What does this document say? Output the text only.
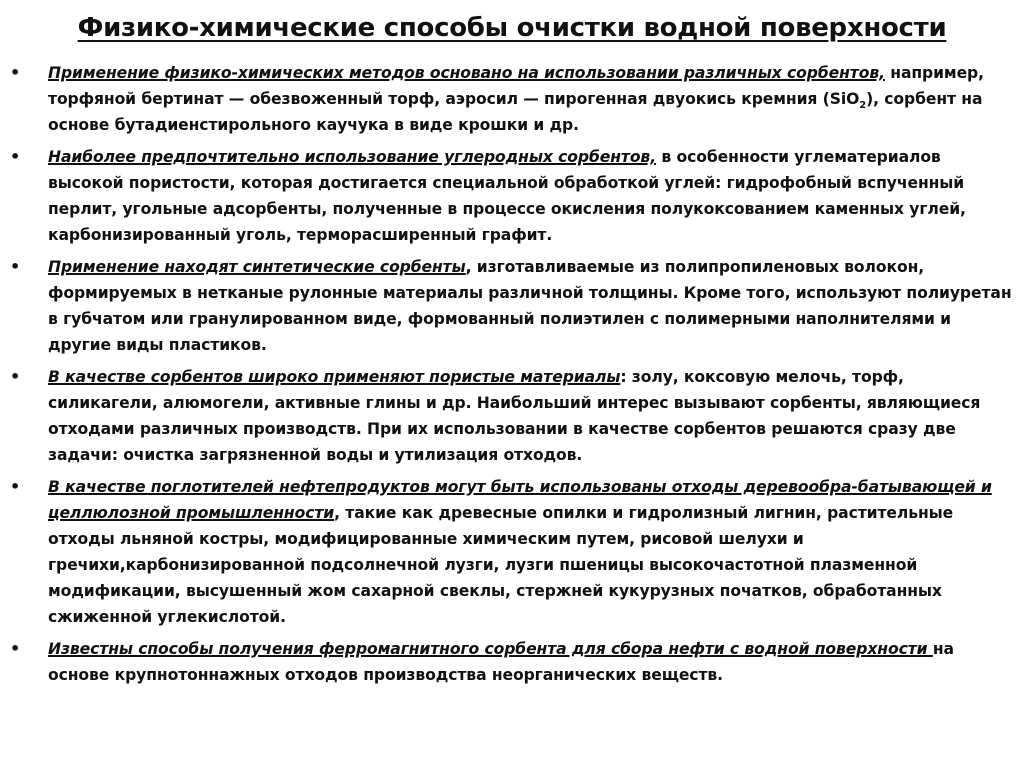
Физико-химические способы очистки водной поверхности
• Применение физико-химических методов основано на использовании различных сорбентов, например, торфяной бертинат — обезвоженный торф, аэросил — пирогенная двуокись кремния (SiO$_2$), сорбент на основе бутадиенстирольного каучука в виде крошки и др.
• Наиболее предпочтительно использование углеродных сорбентов, в особенности углематериалов высокой пористости, которая достигается специальной обработкой углей: гидрофобный вспученный перлит, угольные адсорбенты, полученные в процессе окисления полукоксованием каменных углей, карбонизированный уголь, терморасширенный графит.
• Применение находят синтетические сорбенты, изготавливаемые из полипропиленовых волокон, формируемых в нетканые рулонные материалы различной толщины. Кроме того, используют полиуретан в губчатом или гранулированном виде, формованный полиэтилен с полимерными наполнителями и другие виды пластиков.
• В качестве сорбентов широко применяют пористые материалы: золу, коксовую мелочь, торф, силикагели, алюмогели, активные глины и др. Наибольший интерес вызывают сорбенты, являющиеся отходами различных производств. При их использовании в качестве сорбентов решаются сразу две задачи: очистка загрязненной воды и утилизация отходов.
• В качестве поглотителей нефтепродуктов могут быть использованы отходы деревообра-батывающей и целлюлозной промышленности, такие как древесные опилки и гидролизный лигнин, растительные отходы льняной костры, модифицированные химическим путем, рисовой шелухи и гречихи,карбонизированной подсолнечной лузги, лузги пшеницы высокочастотной плазменной модификации, высушенный жом сахарной свеклы, стержней кукурузных початков, обработанных сжиженной углекислотой.
• Известны способы получения ферромагнитного сорбента для сбора нефти с водной поверхности на основе крупнотоннажных отходов производства неорганических веществ.
